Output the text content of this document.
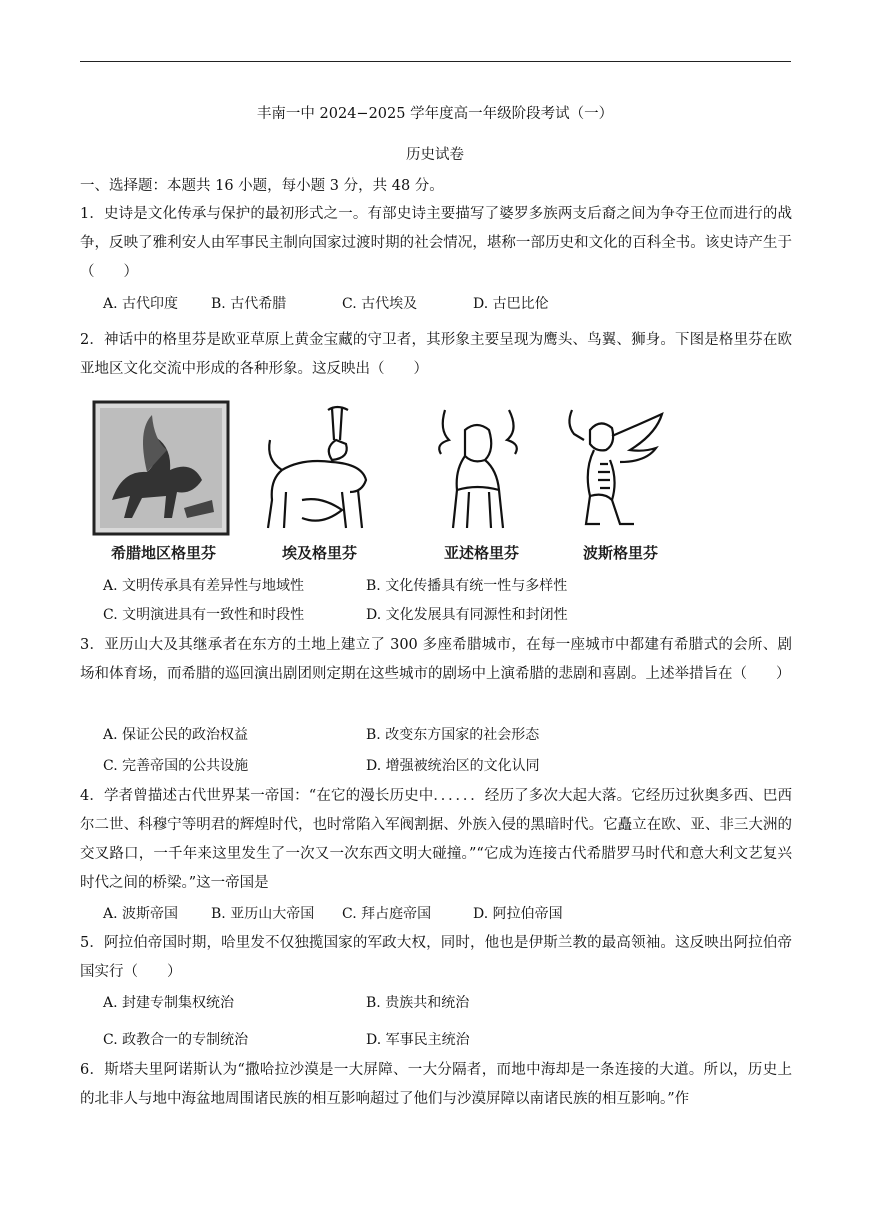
丰南一中 2024−2025 学年度高一年级阶段考试（一）
历史试卷
一、选择题：本题共 16 小题，每小题 3 分，共 48 分。
1．史诗是文化传承与保护的最初形式之一。有部史诗主要描写了婆罗多族两支后裔之间为争夺王位而进行的战争，反映了雅利安人由军事民主制向国家过渡时期的社会情况，堪称一部历史和文化的百科全书。该史诗产生于（　　）
A. 古代印度 B. 古代希腊	C. 古代埃及	D. 古巴比伦
2．神话中的格里芬是欧亚草原上黄金宝藏的守卫者，其形象主要呈现为鹰头、鸟翼、狮身。下图是格里芬在欧亚地区文化交流中形成的各种形象。这反映出（　　）
希腊地区格里芬	埃及格里芬	亚述格里芬	波斯格里芬
A. 文明传承具有差异性与地域性	B. 文化传播具有统一性与多样性
C. 文明演进具有一致性和时段性	D. 文化发展具有同源性和封闭性
3．亚历山大及其继承者在东方的土地上建立了 300 多座希腊城市，在每一座城市中都建有希腊式的会所、剧场和体育场，而希腊的巡回演出剧团则定期在这些城市的剧场中上演希腊的悲剧和喜剧。上述举措旨在（　　）
A. 保证公民的政治权益	B. 改变东方国家的社会形态
C. 完善帝国的公共设施	D. 增强被统治区的文化认同
4．学者曾描述古代世界某一帝国：“在它的漫长历史中．．．．．．经历了多次大起大落。它经历过狄奥多西、巴西尔二世、科穆宁等明君的辉煌时代，也时常陷入军阀割据、外族入侵的黑暗时代。它矗立在欧、亚、非三大洲的交叉路口，一千年来这里发生了一次又一次东西文明大碰撞。”“它成为连接古代希腊罗马时代和意大利文艺复兴时代之间的桥梁。”这一帝国是
A. 波斯帝国 B. 亚历山大帝国 C. 拜占庭帝国	D. 阿拉伯帝国
5．阿拉伯帝国时期，哈里发不仅独揽国家的军政大权，同时，他也是伊斯兰教的最高领袖。这反映出阿拉伯帝国实行（　　）
A. 封建专制集权统治	B. 贵族共和统治
C. 政教合一的专制统治	D. 军事民主统治
6．斯塔夫里阿诺斯认为“撒哈拉沙漠是一大屏障、一大分隔者，而地中海却是一条连接的大道。所以，历史上的北非人与地中海盆地周围诸民族的相互影响超过了他们与沙漠屏障以南诸民族的相互影响。”作
